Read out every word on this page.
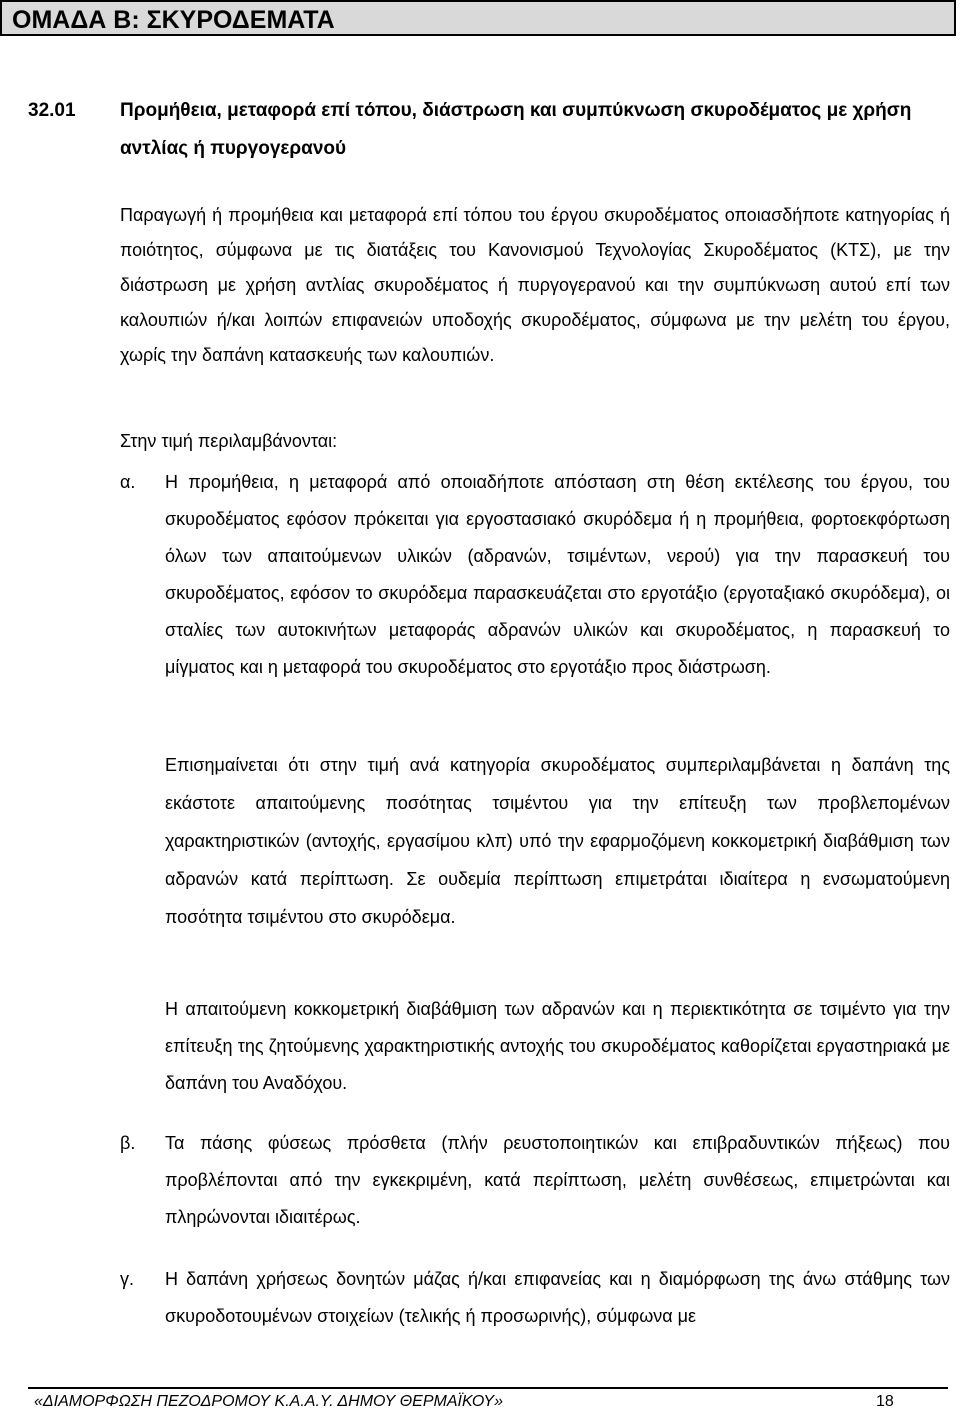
ΟΜΑΔΑ Β: ΣΚΥΡΟΔΕΜΑΤΑ
32.01 Προμήθεια, μεταφορά επί τόπου, διάστρωση και συμπύκνωση σκυροδέματος με χρήση αντλίας ή πυργογερανού
Παραγωγή ή προμήθεια και μεταφορά επί τόπου του έργου σκυροδέματος οποιασδήποτε κατηγορίας ή ποιότητος, σύμφωνα με τις διατάξεις του Κανονισμού Τεχνολογίας Σκυροδέματος (ΚΤΣ), με την διάστρωση με χρήση αντλίας σκυροδέματος ή πυργογερανού και την συμπύκνωση αυτού επί των καλουπιών ή/και λοιπών επιφανειών υποδοχής σκυροδέματος, σύμφωνα με την μελέτη του έργου, χωρίς την δαπάνη κατασκευής των καλουπιών.
Στην τιμή περιλαμβάνονται:
α. Η προμήθεια, η μεταφορά από οποιαδήποτε απόσταση στη θέση εκτέλεσης του έργου, του σκυροδέματος εφόσον πρόκειται για εργοστασιακό σκυρόδεμα ή η προμήθεια, φορτοεκφόρτωση όλων των απαιτούμενων υλικών (αδρανών, τσιμέντων, νερού) για την παρασκευή του σκυροδέματος, εφόσον το σκυρόδεμα παρασκευάζεται στο εργοτάξιο (εργοταξιακό σκυρόδεμα), οι σταλίες των αυτοκινήτων μεταφοράς αδρανών υλικών και σκυροδέματος, η παρασκευή το μίγματος και η μεταφορά του σκυροδέματος στο εργοτάξιο προς διάστρωση.
Επισημαίνεται ότι στην τιμή ανά κατηγορία σκυροδέματος συμπεριλαμβάνεται η δαπάνη της εκάστοτε απαιτούμενης ποσότητας τσιμέντου για την επίτευξη των προβλεπομένων χαρακτηριστικών (αντοχής, εργασίμου κλπ) υπό την εφαρμοζόμενη κοκκομετρική διαβάθμιση των αδρανών κατά περίπτωση. Σε ουδεμία περίπτωση επιμετράται ιδιαίτερα η ενσωματούμενη ποσότητα τσιμέντου στο σκυρόδεμα.
Η απαιτούμενη κοκκομετρική διαβάθμιση των αδρανών και η περιεκτικότητα σε τσιμέντο για την επίτευξη της ζητούμενης χαρακτηριστικής αντοχής του σκυροδέματος καθορίζεται εργαστηριακά με δαπάνη του Αναδόχου.
β. Τα πάσης φύσεως πρόσθετα (πλήν ρευστοποιητικών και επιβραδυντικών πήξεως) που προβλέπονται από την εγκεκριμένη, κατά περίπτωση, μελέτη συνθέσεως, επιμετρώνται και πληρώνονται ιδιαιτέρως.
γ. Η δαπάνη χρήσεως δονητών μάζας ή/και επιφανείας και η διαμόρφωση της άνω στάθμης των σκυροδοτουμένων στοιχείων (τελικής ή προσωρινής), σύμφωνα με
«ΔΙΑΜΟΡΦΩΣΗ ΠΕΖΟΔΡΟΜΟΥ Κ.Α.Α.Υ. ΔΗΜΟΥ ΘΕΡΜΑΪΚΟΥ»	18
